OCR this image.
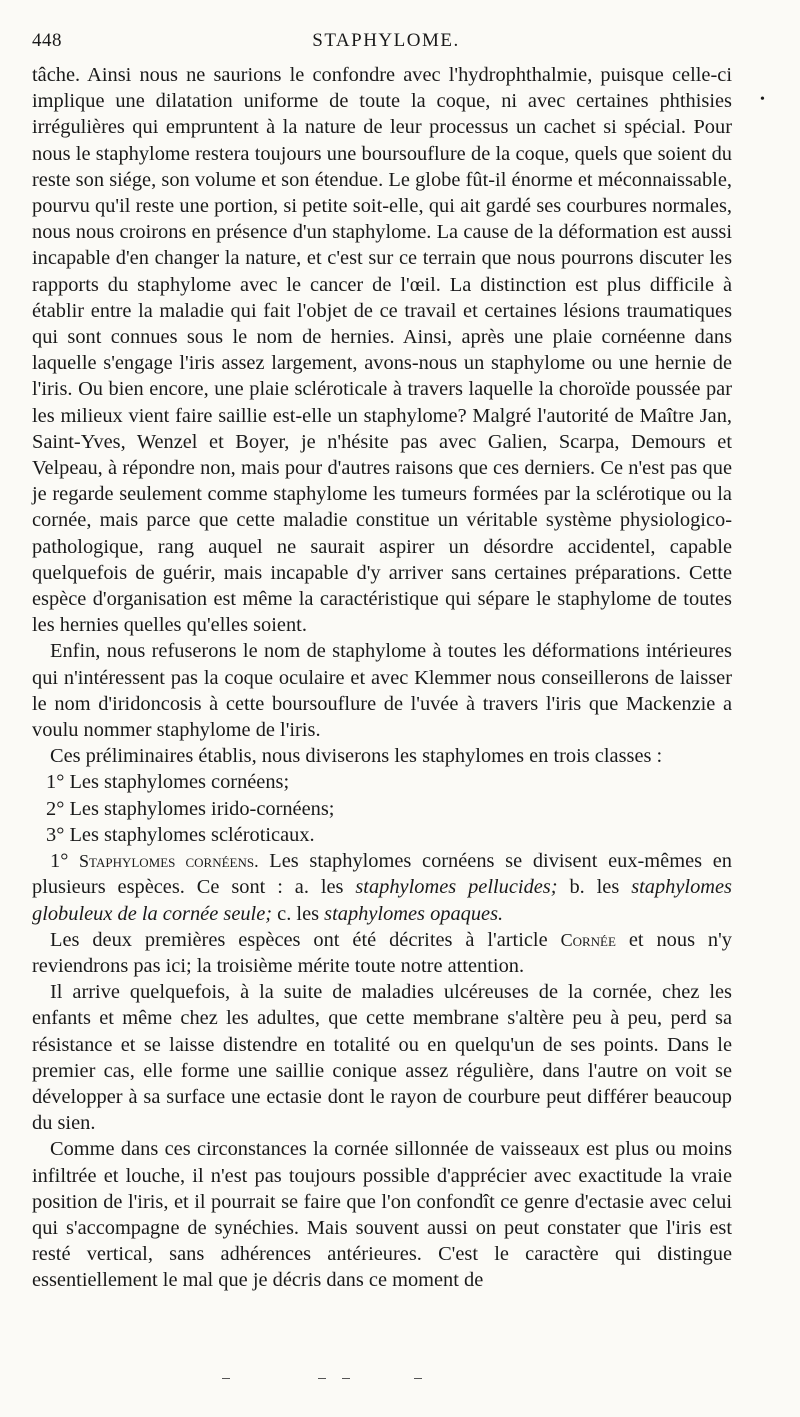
STAPHYLOME.
448
•

tâche. Ainsi nous ne saurions le confondre avec l'hydrophthalmie, puisque celle-ci implique une dilatation uniforme de toute la coque, ni avec certaines phthisies irrégulières qui empruntent à la nature de leur processus un cachet si spécial. Pour nous le staphylome restera toujours une boursouflure de la coque, quels que soient du reste son siége, son volume et son étendue. Le globe fût-il énorme et méconnaissable, pourvu qu'il reste une portion, si petite soit-elle, qui ait gardé ses courbures normales, nous nous croirons en présence d'un staphylome. La cause de la déformation est aussi incapable d'en changer la nature, et c'est sur ce terrain que nous pourrons discuter les rapports du staphylome avec le cancer de l'œil. La distinction est plus difficile à établir entre la maladie qui fait l'objet de ce travail et certaines lésions traumatiques qui sont connues sous le nom de hernies. Ainsi, après une plaie cornéenne dans laquelle s'engage l'iris assez largement, avons-nous un staphylome ou une hernie de l'iris. Ou bien encore, une plaie scléroticale à travers laquelle la choroïde poussée par les milieux vient faire saillie est-elle un staphylome? Malgré l'autorité de Maître Jan, Saint-Yves, Wenzel et Boyer, je n'hésite pas avec Galien, Scarpa, Demours et Velpeau, à répondre non, mais pour d'autres raisons que ces derniers. Ce n'est pas que je regarde seulement comme staphylome les tumeurs formées par la sclérotique ou la cornée, mais parce que cette maladie constitue un véritable système physiologico-pathologique, rang auquel ne saurait aspirer un désordre accidentel, capable quelquefois de guérir, mais incapable d'y arriver sans certaines préparations. Cette espèce d'organisation est même la caractéristique qui sépare le staphylome de toutes les hernies quelles qu'elles soient.

Enfin, nous refuserons le nom de staphylome à toutes les déformations intérieures qui n'intéressent pas la coque oculaire et avec Klemmer nous conseillerons de laisser le nom d'iridoncosis à cette boursouflure de l'uvée à travers l'iris que Mackenzie a voulu nommer staphylome de l'iris.

Ces préliminaires établis, nous diviserons les staphylomes en trois classes :

1° Les staphylomes cornéens;

2° Les staphylomes irido-cornéens;

3° Les staphylomes scléroticaux.

1° Staphylomes cornéens. Les staphylomes cornéens se divisent eux-mêmes en plusieurs espèces. Ce sont : a. les staphylomes pellucides; b. les staphylomes globuleux de la cornée seule; c. les staphylomes opaques.

Les deux premières espèces ont été décrites à l'article Cornée et nous n'y reviendrons pas ici; la troisième mérite toute notre attention.

Il arrive quelquefois, à la suite de maladies ulcéreuses de la cornée, chez les enfants et même chez les adultes, que cette membrane s'altère peu à peu, perd sa résistance et se laisse distendre en totalité ou en quelqu'un de ses points. Dans le premier cas, elle forme une saillie conique assez régulière, dans l'autre on voit se développer à sa surface une ectasie dont le rayon de courbure peut différer beaucoup du sien.

Comme dans ces circonstances la cornée sillonnée de vaisseaux est plus ou moins infiltrée et louche, il n'est pas toujours possible d'apprécier avec exactitude la vraie position de l'iris, et il pourrait se faire que l'on confondît ce genre d'ectasie avec celui qui s'accompagne de synéchies. Mais souvent aussi on peut constater que l'iris est resté vertical, sans adhérences antérieures. C'est le caractère qui distingue essentiellement le mal que je décris dans ce moment de
